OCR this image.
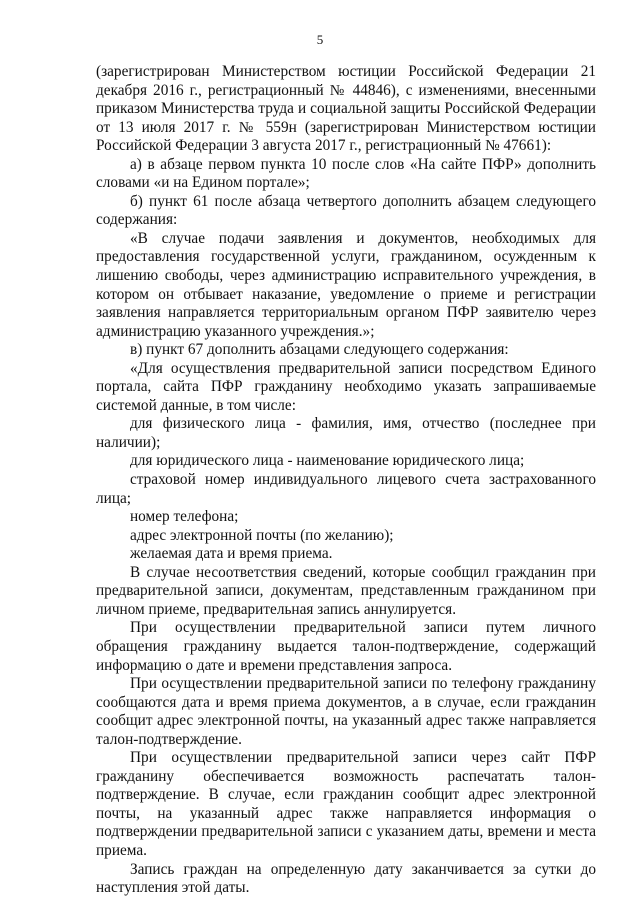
5

(зарегистрирован Министерством юстиции Российской Федерации 21 декабря 2016 г., регистрационный № 44846), с изменениями, внесенными приказом Министерства труда и социальной защиты Российской Федерации от 13 июля 2017 г. № 559н (зарегистрирован Министерством юстиции Российской Федерации 3 августа 2017 г., регистрационный № 47661):

а) в абзаце первом пункта 10 после слов «На сайте ПФР» дополнить словами «и на Едином портале»;

б) пункт 61 после абзаца четвертого дополнить абзацем следующего содержания:

«В случае подачи заявления и документов, необходимых для предоставления государственной услуги, гражданином, осужденным к лишению свободы, через администрацию исправительного учреждения, в котором он отбывает наказание, уведомление о приеме и регистрации заявления направляется территориальным органом ПФР заявителю через администрацию указанного учреждения.»;

в) пункт 67 дополнить абзацами следующего содержания:

«Для осуществления предварительной записи посредством Единого портала, сайта ПФР гражданину необходимо указать запрашиваемые системой данные, в том числе:

для физического лица - фамилия, имя, отчество (последнее при наличии);

для юридического лица - наименование юридического лица;

страховой номер индивидуального лицевого счета застрахованного лица;

номер телефона;

адрес электронной почты (по желанию);

желаемая дата и время приема.

В случае несоответствия сведений, которые сообщил гражданин при предварительной записи, документам, представленным гражданином при личном приеме, предварительная запись аннулируется.

При осуществлении предварительной записи путем личного обращения гражданину выдается талон-подтверждение, содержащий информацию о дате и времени представления запроса.

При осуществлении предварительной записи по телефону гражданину сообщаются дата и время приема документов, а в случае, если гражданин сообщит адрес электронной почты, на указанный адрес также направляется талон-подтверждение.

При осуществлении предварительной записи через сайт ПФР гражданину обеспечивается возможность распечатать талон-подтверждение. В случае, если гражданин сообщит адрес электронной почты, на указанный адрес также направляется информация о подтверждении предварительной записи с указанием даты, времени и места приема.

Запись граждан на определенную дату заканчивается за сутки до наступления этой даты.
